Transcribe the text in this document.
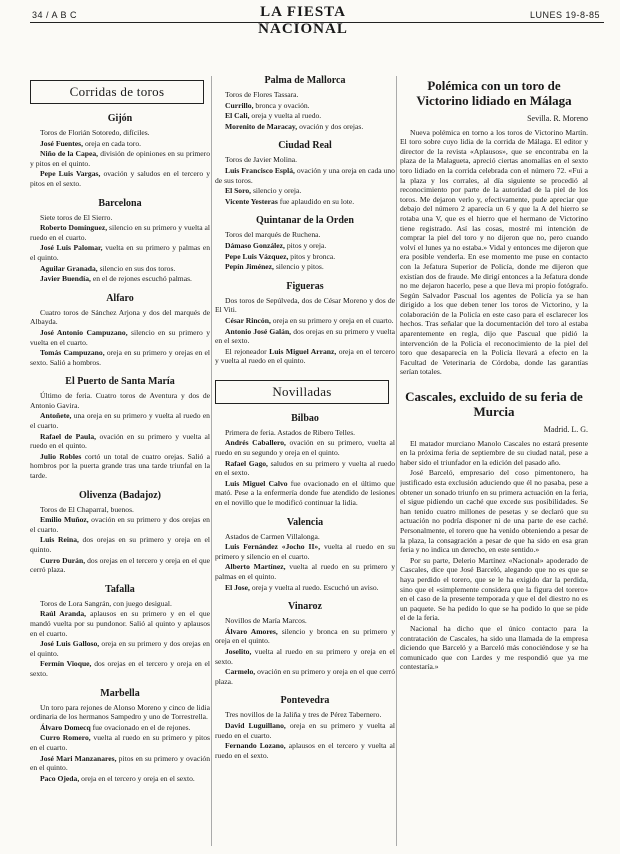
34 / A B C	LA FIESTA NACIONAL
LUNES 19-8-85
Corridas de toros
Gijón

Toros de Florián Sotoredo, difíciles.

José Fuentes, oreja en cada toro.

Niño de la Capea, división de opiniones en su primero y pitos en el quinto.

Pepe Luis Vargas, ovación y saludos en el tercero y pitos en el sexto.

Barcelona

Siete toros de El Sierro.

Roberto Domínguez, silencio en su primero y vuelta al ruedo en el cuarto.

José Luis Palomar, vuelta en su primero y palmas en el quinto.

Aguilar Granada, silencio en sus dos toros.

Javier Buendía, en el de rejones escuchó palmas.

Alfaro

Cuatro toros de Sánchez Arjona y dos del marqués de Albayda.

José Antonio Campuzano, silencio en su primero y vuelta en el cuarto.

Tomás Campuzano, oreja en su primero y orejas en el sexto. Salió a hombros.

El Puerto de Santa María

Último de feria. Cuatro toros de Aventura y dos de Antonio Gavira.

Antoñete, una oreja en su primero y vuelta al ruedo en el cuarto.

Rafael de Paula, ovación en su primero y vuelta al ruedo en el quinto.

Julio Robles cortó un total de cuatro orejas. Salió a hombros por la puerta grande tras una tarde triunfal en la tarde.

Olivenza (Badajoz)

Toros de El Chaparral, buenos.

Emilio Muñoz, ovación en su primero y dos orejas en el cuarto.

Luis Reina, dos orejas en su primero y oreja en el quinto.

Curro Durán, dos orejas en el tercero y oreja en el que cerró plaza.

Tafalla

Toros de Lora Sangrán, con juego desigual.

Raúl Aranda, aplausos en su primero y en el que mandó vuelta por su pundonor. Salió al quinto y aplausos en el cuarto.

José Luis Galloso, oreja en su primero y dos orejas en el quinto.

Fermín Vioque, dos orejas en el tercero y oreja en el sexto.

Marbella

Un toro para rejones de Alonso Moreno y cinco de lidia ordinaria de los hermanos Sampedro y uno de Torrestrella.

Álvaro Domecq fue ovacionado en el de rejones.

Curro Romero, vuelta al ruedo en su primero y pitos en el cuarto.

José Mari Manzanares, pitos en su primero y ovación en el quinto.

Paco Ojeda, oreja en el tercero y oreja en el sexto.

Palma de Mallorca

Toros de Flores Tassara.

Currillo, bronca y ovación.

El Cali, oreja y vuelta al ruedo.

Morenito de Maracay, ovación y dos orejas.

Ciudad Real

Toros de Javier Molina.

Luis Francisco Esplá, ovación y una oreja en cada uno de sus toros.

El Soro, silencio y oreja.

Vicente Yesteras fue aplaudido en su lote.

Quintanar de la Orden

Toros del marqués de Ruchena.

Dámaso González, pitos y oreja.

Pepe Luis Vázquez, pitos y bronca.

Pepín Jiménez, silencio y pitos.

Figueras

Dos toros de Sepúlveda, dos de César Moreno y dos de El Viti.

César Rincón, oreja en su primero y oreja en el cuarto.

Antonio José Galán, dos orejas en su primero y vuelta en el sexto.

El rejoneador Luis Miguel Arranz, oreja en el tercero y vuelta al ruedo en el quinto.

Novilladas
Bilbao

Primera de feria. Astados de Ribero Telles.

Andrés Caballero, ovación en su primero, vuelta al ruedo en su segundo y oreja en el quinto.

Rafael Gago, saludos en su primero y vuelta al ruedo en el sexto.

Luis Miguel Calvo fue ovacionado en el último que mató. Pese a la enfermería donde fue atendido de lesiones en el novillo que le modificó continuar la lidia.

Valencia

Astados de Carmen Villalonga.

Luis Fernández «Jocho II», vuelta al ruedo en su primero y silencio en el cuarto.

Alberto Martínez, vuelta al ruedo en su primero y palmas en el quinto.

El Jose, oreja y vuelta al ruedo. Escuchó un aviso.

Vinaroz

Novillos de María Marcos.

Álvaro Amores, silencio y bronca en su primero y oreja en el quinto.

Joselito, vuelta al ruedo en su primero y oreja en el sexto.

Carmelo, ovación en su primero y oreja en el que cerró plaza.

Pontevedra

Tres novillos de la Jaliña y tres de Pérez Tabernero.

David Luguillano, oreja en su primero y vuelta al ruedo en el cuarto.

Fernando Lozano, aplausos en el tercero y vuelta al ruedo en el sexto.

Polémica con un toro de Victorino lidiado en Málaga
Sevilla. R. Moreno

Nueva polémica en torno a los toros de Victorino Martín. El toro sobre cuyo lidia de la corrida de Málaga. El editor y director de la revista «Aplausos», que se encontraba en la plaza de la Malagueta, apreció ciertas anomalías en el sexto toro lidiado en la corrida celebrada con el número 72. «Fui a la plaza y los corrales, al día siguiente se procedió al reconocimiento por parte de la autoridad de la piel de los toros. Me dejaron verlo y, efectivamente, pude apreciar que debajo del número 2 aparecía un 6 y que la A del hierro se rotaba una V, que es el hierro que el hermano de Victorino tiene registrado. Así las cosas, mostré mi intención de comprar la piel del toro y no dijeron que no, pero cuando volví el lunes ya no estaba.» Vidal y entonces me dijeron que era posible venderla. En ese momento me puse en contacto con la Jefatura Superior de Policía, donde me dijeron que existían dos de fraude. Me dirigí entonces a la Jefatura donde no me dejaron hacerlo, pese a que lleva mi propio fotógrafo. Según Salvador Pascual los agentes de Policía ya se han dirigido a los que deben tener los toros de Victorino, y la colaboración de la Policía en este caso para el esclarecer los hechos. Tras señalar que la documentación del toro al estaba aparentemente en regla, dijo que Pascual que pidió la intervención de la Policía el reconocimiento de la piel del toro que desaparecía en la Policía llevará a efecto en la Facultad de Veterinaria de Córdoba, donde las garantías serían totales.

Cascales, excluido de su feria de Murcia
Madrid. L. G.

El matador murciano Manolo Cascales no estará presente en la próxima feria de septiembre de su ciudad natal, pese a haber sido el triunfador en la edición del pasado año.

José Barceló, empresario del coso pimentonero, ha justificado esta exclusión aduciendo que él no pasaba, pese a obtener un sonado triunfo en su primera actuación en la feria, el sigue pidiendo un caché que excede sus posibilidades. Se han tenido cuatro millones de pesetas y se declaró que su actuación no podría disponer ni de una parte de ese caché. Personalmente, el torero que ha venido obteniendo a pesar de la plaza, la consagración a pesar de que ha sido en esa gran feria y no indica un derecho, en este sentido.»

Por su parte, Delerio Martínez «Nacional» apoderado de Cascales, dice que José Barceló, alegando que no es que se haya perdido el torero, que se le ha exigido dar la perdida, sino que el «simplemente considera que la figura del torero» en el caso de la presente temporada y que el del diestro no es un paquete. Se ha pedido lo que se ha podido lo que se pide el de la feria.

Nacional ha dicho que el único contacto para la contratación de Cascales, ha sido una llamada de la empresa diciendo que Barceló y a Barceló más conociéndose y se ha comunicado que con Lardes y me respondió que ya me contestaría.»
